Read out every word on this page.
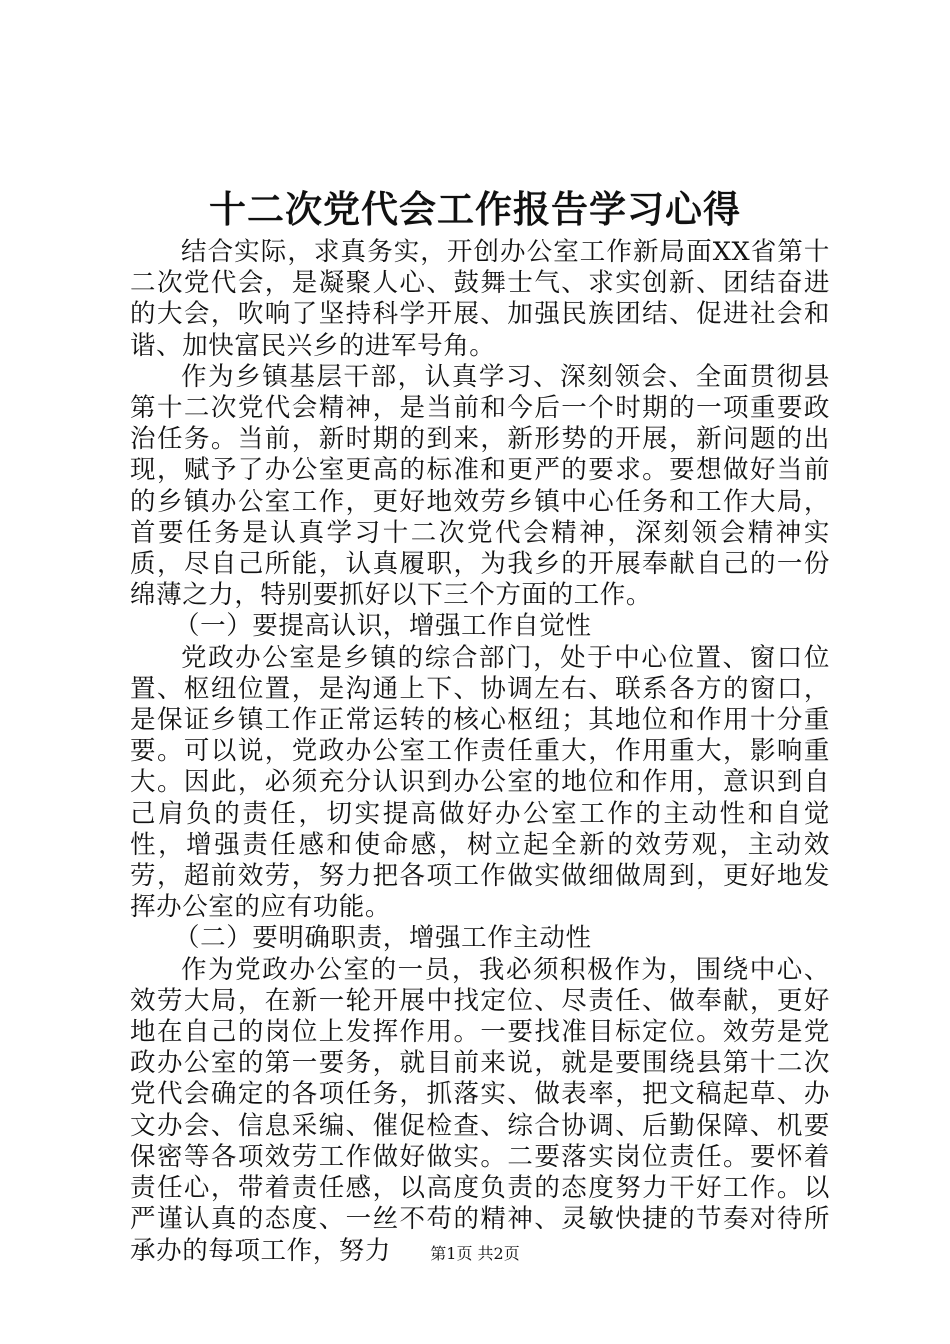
十二次党代会工作报告学习心得

结合实际，求真务实，开创办公室工作新局面XX省第十二次党代会，是凝聚人心、鼓舞士气、求实创新、团结奋进的大会，吹响了坚持科学开展、加强民族团结、促进社会和谐、加快富民兴乡的进军号角。

作为乡镇基层干部，认真学习、深刻领会、全面贯彻县第十二次党代会精神，是当前和今后一个时期的一项重要政治任务。当前，新时期的到来，新形势的开展，新问题的出现，赋予了办公室更高的标准和更严的要求。要想做好当前的乡镇办公室工作，更好地效劳乡镇中心任务和工作大局，首要任务是认真学习十二次党代会精神，深刻领会精神实质，尽自己所能，认真履职，为我乡的开展奉献自己的一份绵薄之力，特别要抓好以下三个方面的工作。

（一）要提高认识，增强工作自觉性

党政办公室是乡镇的综合部门，处于中心位置、窗口位置、枢纽位置，是沟通上下、协调左右、联系各方的窗口，是保证乡镇工作正常运转的核心枢纽；其地位和作用十分重要。可以说，党政办公室工作责任重大，作用重大，影响重大。因此，必须充分认识到办公室的地位和作用，意识到自己肩负的责任，切实提高做好办公室工作的主动性和自觉性，增强责任感和使命感，树立起全新的效劳观，主动效劳，超前效劳，努力把各项工作做实做细做周到，更好地发挥办公室的应有功能。

（二）要明确职责，增强工作主动性

作为党政办公室的一员，我必须积极作为，围绕中心、效劳大局，在新一轮开展中找定位、尽责任、做奉献，更好地在自己的岗位上发挥作用。一要找准目标定位。效劳是党政办公室的第一要务，就目前来说，就是要围绕县第十二次党代会确定的各项任务，抓落实、做表率，把文稿起草、办文办会、信息采编、催促检查、综合协调、后勤保障、机要保密等各项效劳工作做好做实。二要落实岗位责任。要怀着责任心，带着责任感，以高度负责的态度努力干好工作。以严谨认真的态度、一丝不苟的精神、灵敏快捷的节奏对待所承办的每项工作，努力	第1页 共2页
